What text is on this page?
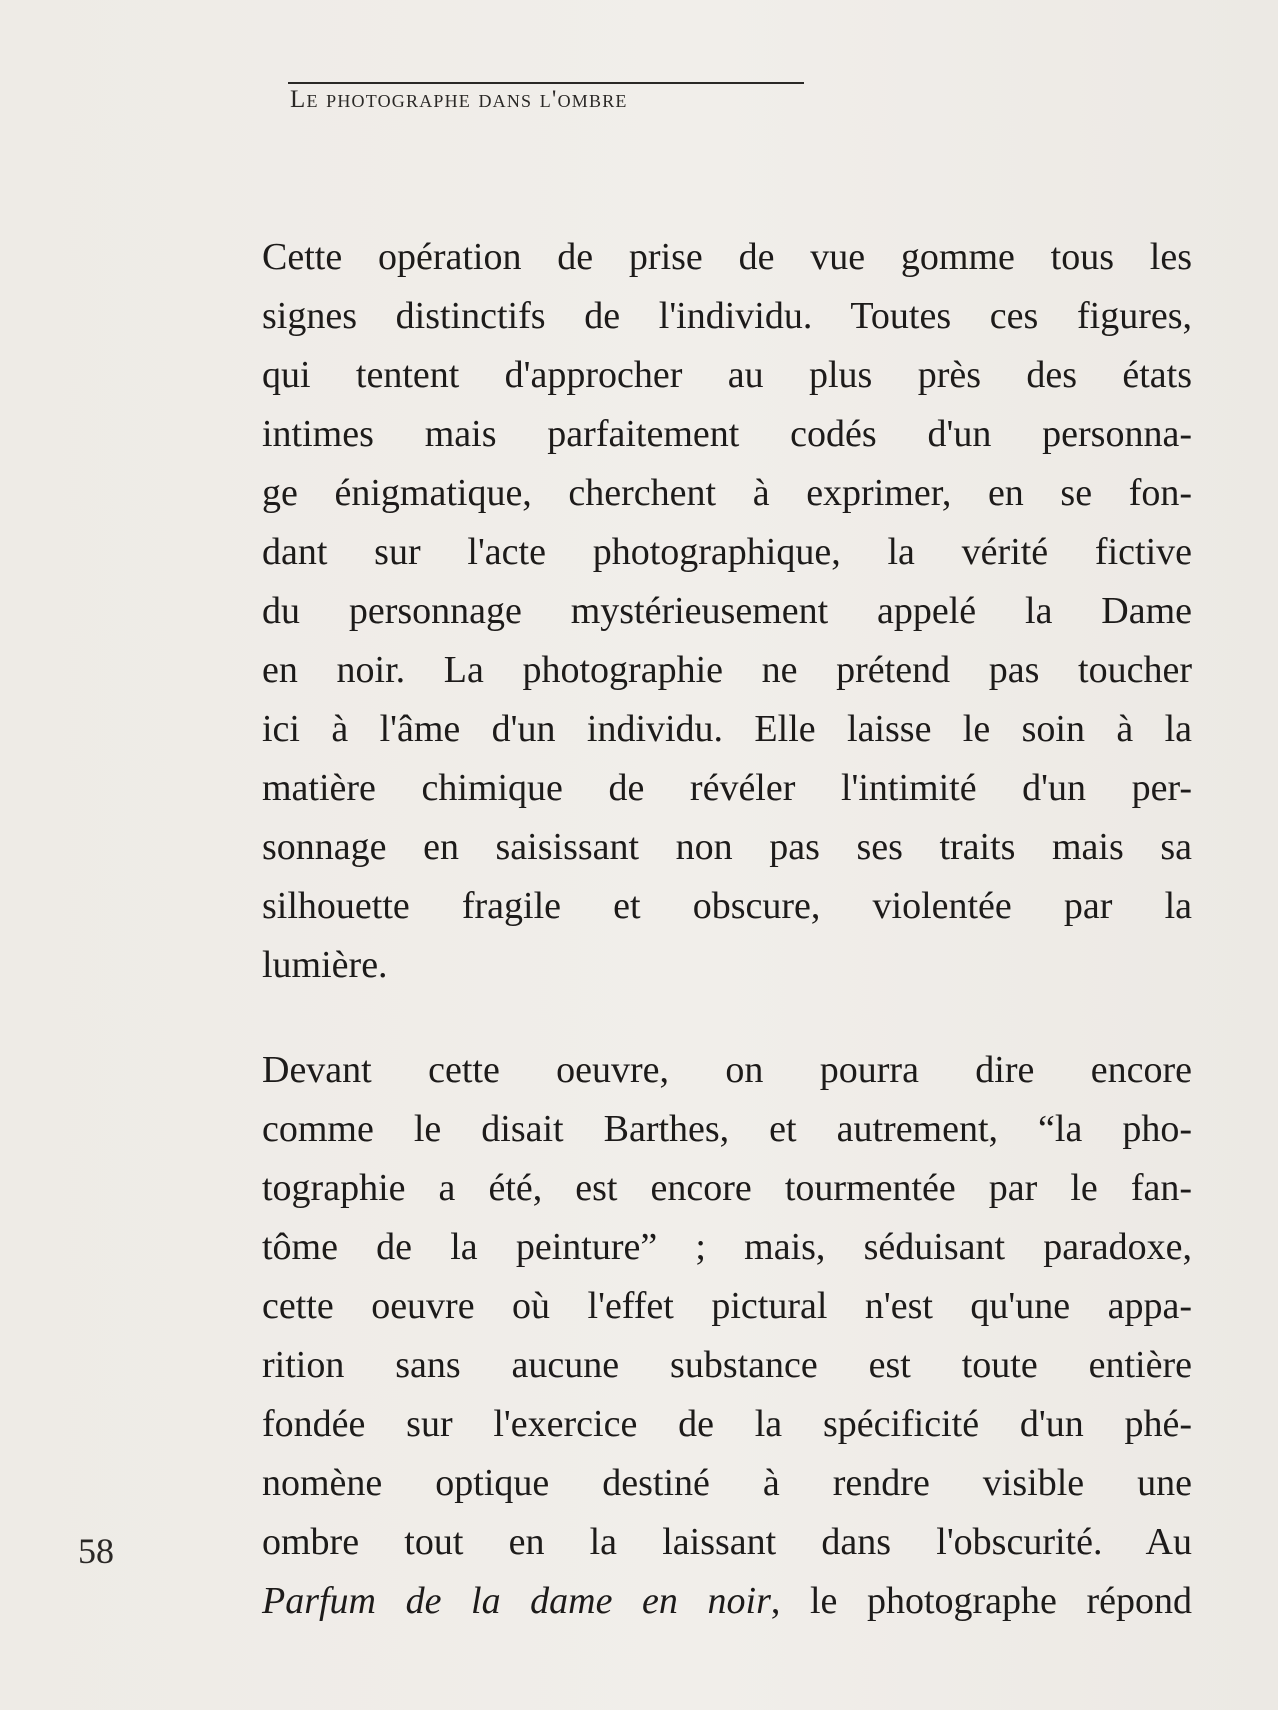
Le photographe dans l'ombre
Cette opération de prise de vue gomme tous les
signes distinctifs de l'individu. Toutes ces figures,
qui tentent d'approcher au plus près des états
intimes mais parfaitement codés d'un personna-
ge énigmatique, cherchent à exprimer, en se fon-
dant sur l'acte photographique, la vérité fictive
du personnage mystérieusement appelé la Dame
en noir. La photographie ne prétend pas toucher
ici à l'âme d'un individu. Elle laisse le soin à la
matière chimique de révéler l'intimité d'un per-
sonnage en saisissant non pas ses traits mais sa
silhouette fragile et obscure, violentée par la
lumière.
Devant cette oeuvre, on pourra dire encore
comme le disait Barthes, et autrement, “la pho-
tographie a été, est encore tourmentée par le fan-
tôme de la peinture” ; mais, séduisant paradoxe,
cette oeuvre où l'effet pictural n'est qu'une appa-
rition sans aucune substance est toute entière
fondée sur l'exercice de la spécificité d'un phé-
nomène optique destiné à rendre visible une
ombre tout en la laissant dans l'obscurité. Au
Parfum de la dame en noir, le photographe répond
58
